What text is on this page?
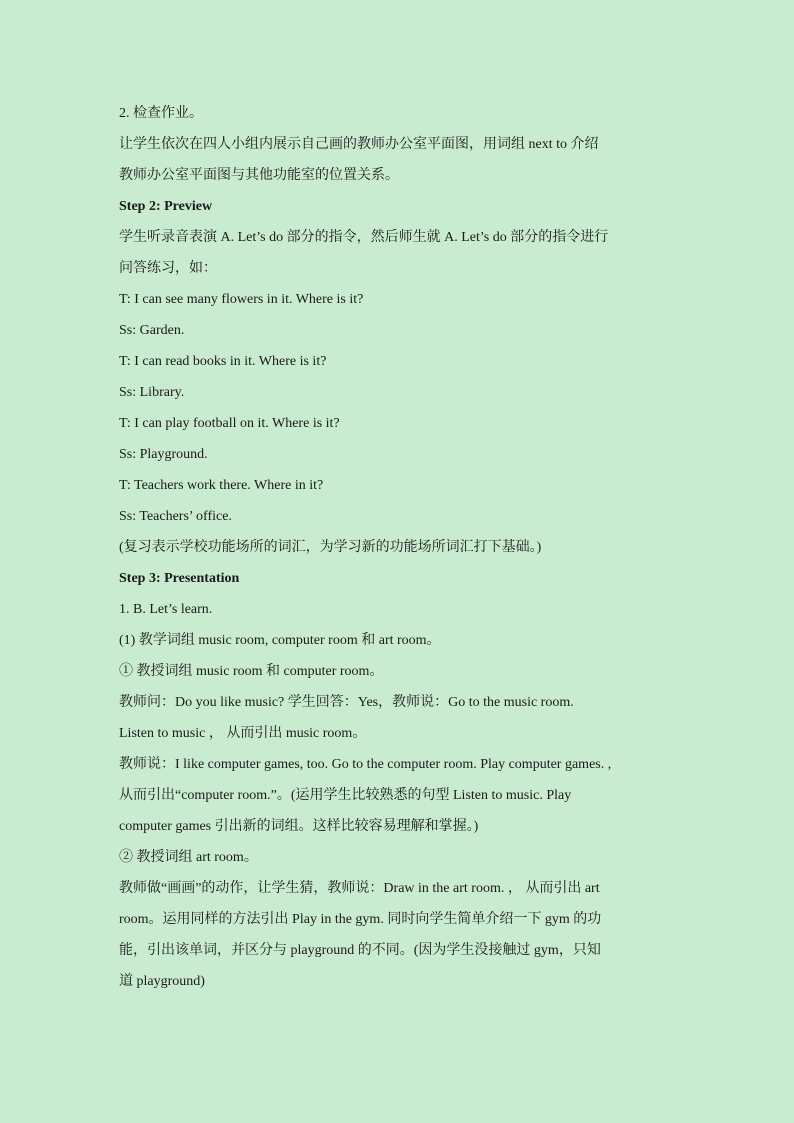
2. 检查作业。
让学生依次在四人小组内展示自己画的教师办公室平面图，用词组 next to 介绍
教师办公室平面图与其他功能室的位置关系。
Step 2: Preview
学生听录音表演 A. Let’s do 部分的指令，然后师生就 A. Let’s do 部分的指令进行
问答练习，如：
T: I can see many flowers in it. Where is it?
Ss: Garden.
T: I can read books in it. Where is it?
Ss: Library.
T: I can play football on it. Where is it?
Ss: Playground.
T: Teachers work there. Where in it?
Ss: Teachers’ office.
(复习表示学校功能场所的词汇，为学习新的功能场所词汇打下基础。)
Step 3: Presentation
1. B. Let’s learn.
(1) 教学词组 music room, computer room 和 art room。
① 教授词组 music room 和 computer room。
教师问：Do you like music? 学生回答：Yes，教师说：Go to the music room.
Listen to music ， 从而引出 music room。
教师说：I like computer games, too. Go to the computer room. Play computer games. ,
从而引出“computer room.”。(运用学生比较熟悉的句型 Listen to music. Play
computer games 引出新的词组。这样比较容易理解和掌握。)
② 教授词组 art room。
教师做“画画”的动作，让学生猜，教师说：Draw in the art room. ， 从而引出 art
room。运用同样的方法引出 Play in the gym. 同时向学生简单介绍一下 gym 的功
能，引出该单词，并区分与 playground 的不同。(因为学生没接触过 gym，只知
道 playground)
